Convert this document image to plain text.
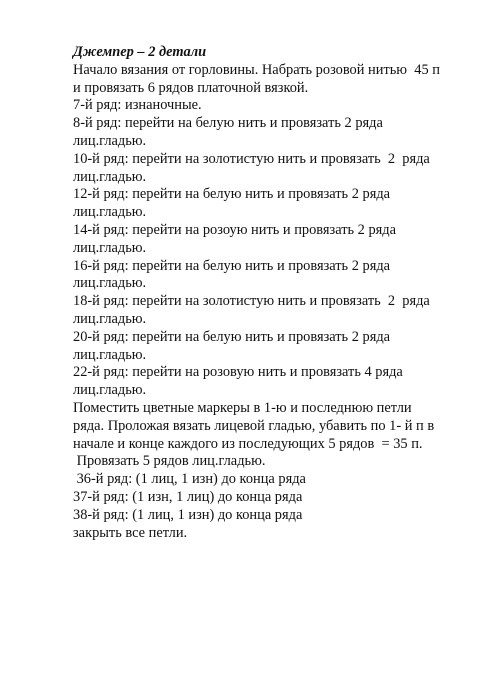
Джемпер – 2 детали

Начало вязания от горловины. Набрать розовой нитью  45 п

и провязать 6 рядов платочной вязкой.

7-й ряд: изнаночные.

8-й ряд: перейти на белую нить и провязать 2 ряда

лиц.гладью.

10-й ряд: перейти на золотистую нить и провязать  2  ряда

лиц.гладью.

12-й ряд: перейти на белую нить и провязать 2 ряда

лиц.гладью.

14-й ряд: перейти на розоую нить и провязать 2 ряда

лиц.гладью.

16-й ряд: перейти на белую нить и провязать 2 ряда

лиц.гладью.

18-й ряд: перейти на золотистую нить и провязать  2  ряда

лиц.гладью.

20-й ряд: перейти на белую нить и провязать 2 ряда

лиц.гладью.

22-й ряд: перейти на розовую нить и провязать 4 ряда

лиц.гладью.

Поместить цветные маркеры в 1-ю и последнюю петли

ряда. Проложая вязать лицевой гладью, убавить по 1- й п в

начале и конце каждого из последующих 5 рядов  = 35 п.

Провязать 5 рядов лиц.гладью.

36-й ряд: (1 лиц, 1 изн) до конца ряда

37-й ряд: (1 изн, 1 лиц) до конца ряда

38-й ряд: (1 лиц, 1 изн) до конца ряда

закрыть все петли.
